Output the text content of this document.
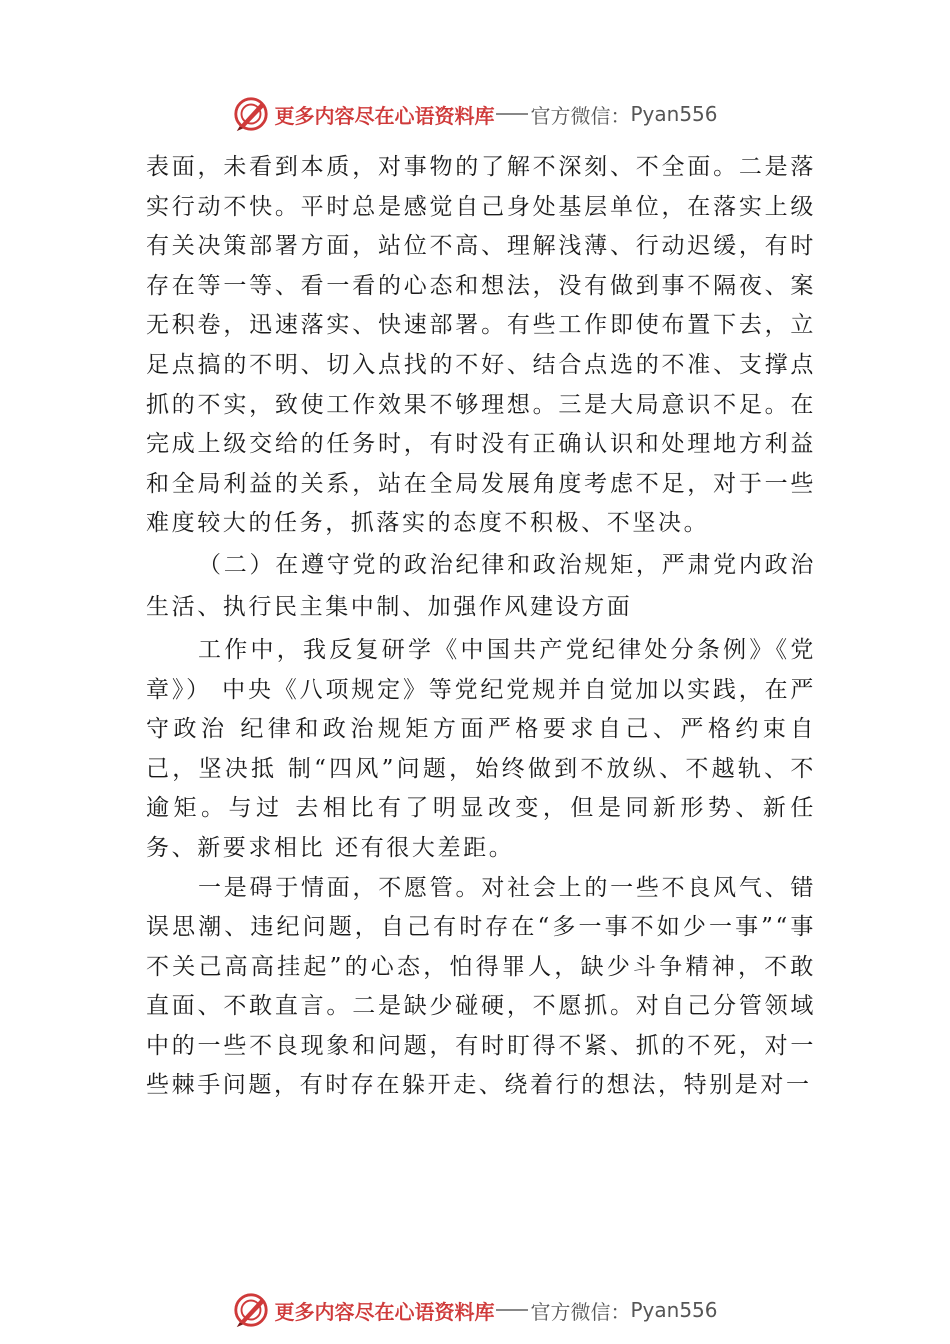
更多内容尽在心语资料库 官方微信： Pyan556

表面，未看到本质，对事物的了解不深刻、不全面。二是落实行动不快。平时总是感觉自己身处基层单位，在落实上级有关决策部署方面，站位不高、理解浅薄、行动迟缓，有时存在等一等、看一看的心态和想法，没有做到事不隔夜、案无积卷，迅速落实、快速部署。有些工作即使布置下去，立足点搞的不明、切入点找的不好、结合点选的不准、支撑点抓的不实，致使工作效果不够理想。三是大局意识不足。在完成上级交给的任务时，有时没有正确认识和处理地方利益和全局利益的关系，站在全局发展角度考虑不足，对于一些难度较大的任务，抓落实的态度不积极、不坚决。

（二）在遵守党的政治纪律和政治规矩，严肃党内政治生活、执行民主集中制、加强作风建设方面

工作中，我反复研学《中国共产党纪律处分条例》《党章》） 中央《八项规定》等党纪党规并自觉加以实践，在严守政治 纪律和政治规矩方面严格要求自己、严格约束自己，坚决抵 制“四风”问题，始终做到不放纵、不越轨、不逾矩。与过 去相比有了明显改变，但是同新形势、新任务、新要求相比 还有很大差距。

一是碍于情面，不愿管。对社会上的一些不良风气、错误思潮、违纪问题，自己有时存在“多一事不如少一事”“事不关己高高挂起”的心态，怕得罪人，缺少斗争精神，不敢直面、不敢直言。二是缺少碰硬，不愿抓。对自己分管领域中的一些不良现象和问题，有时盯得不紧、抓的不死，对一些棘手问题，有时存在躲开走、绕着行的想法，特别是对一

更多内容尽在心语资料库 官方微信： Pyan556
